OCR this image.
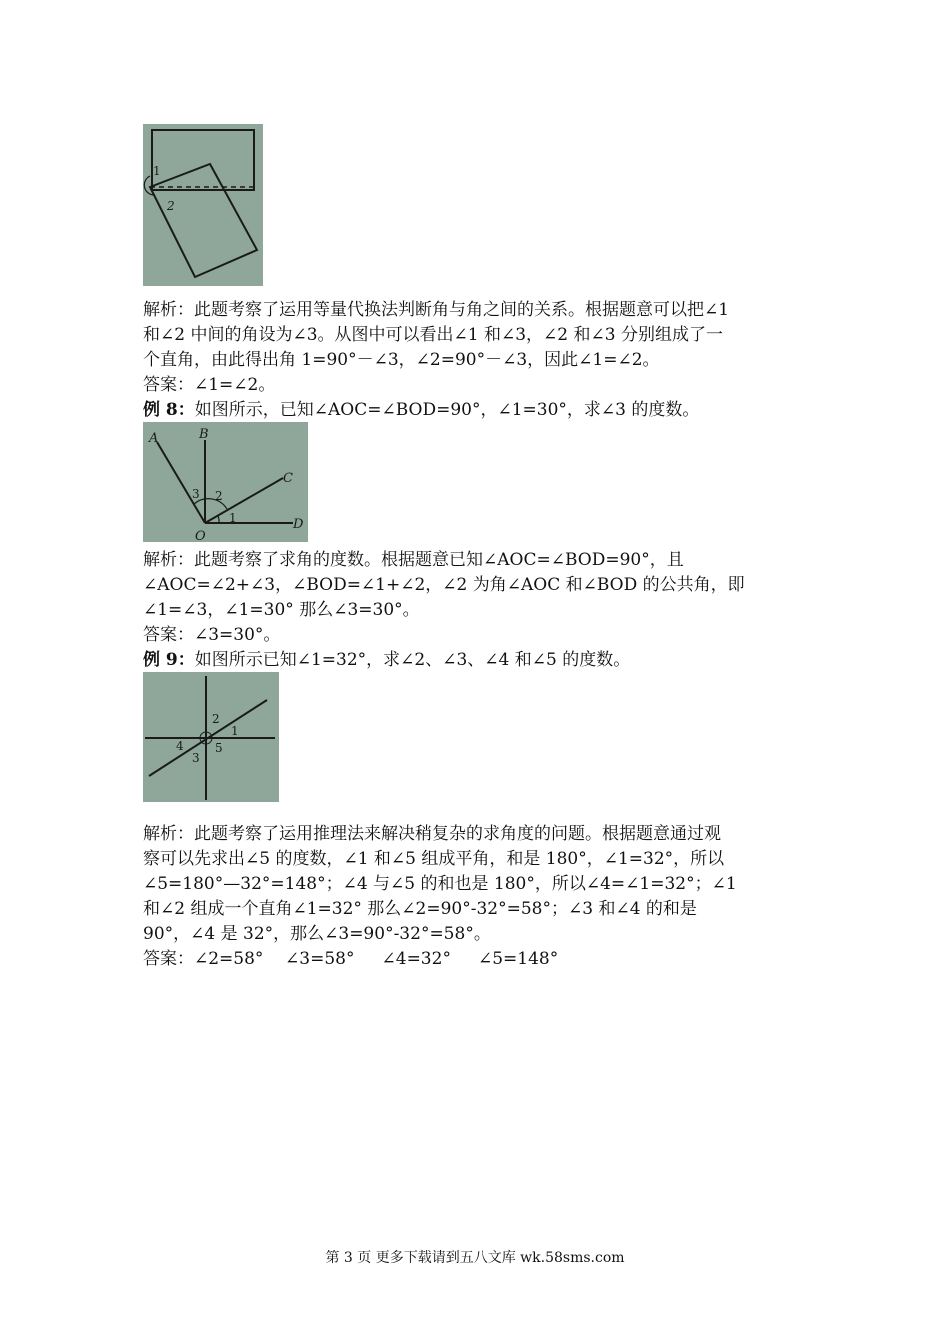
1
2

解析：此题考察了运用等量代换法判断角与角之间的关系。根据题意可以把∠1

和∠2 中间的角设为∠3。从图中可以看出∠1 和∠3，∠2 和∠3 分别组成了一

个直角，由此得出角 1=90°－∠3，∠2=90°－∠3，因此∠1=∠2。

答案：∠1=∠2。

例 8：如图所示，已知∠AOC=∠BOD=90°，∠1=30°，求∠3 的度数。

A	B
C
D
O
1
2
3

解析：此题考察了求角的度数。根据题意已知∠AOC=∠BOD=90°，且

∠AOC=∠2+∠3，∠BOD=∠1+∠2，∠2 为角∠AOC 和∠BOD 的公共角，即

∠1=∠3，∠1=30° 那么∠3=30°。

答案：∠3=30°。

例 9：如图所示已知∠1=32°，求∠2、∠3、∠4 和∠5 的度数。

1
2
3
4	5

解析：此题考察了运用推理法来解决稍复杂的求角度的问题。根据题意通过观

察可以先求出∠5 的度数，∠1 和∠5 组成平角，和是 180°，∠1=32°，所以

∠5=180°—32°=148°；∠4 与∠5 的和也是 180°，所以∠4=∠1=32°；∠1

和∠2 组成一个直角∠1=32° 那么∠2=90°-32°=58°；∠3 和∠4 的和是

90°，∠4 是 32°，那么∠3=90°-32°=58°。

答案：∠2=58°    ∠3=58°     ∠4=32°     ∠5=148°

第 3 页 更多下载请到五八文库 wk.58sms.com
